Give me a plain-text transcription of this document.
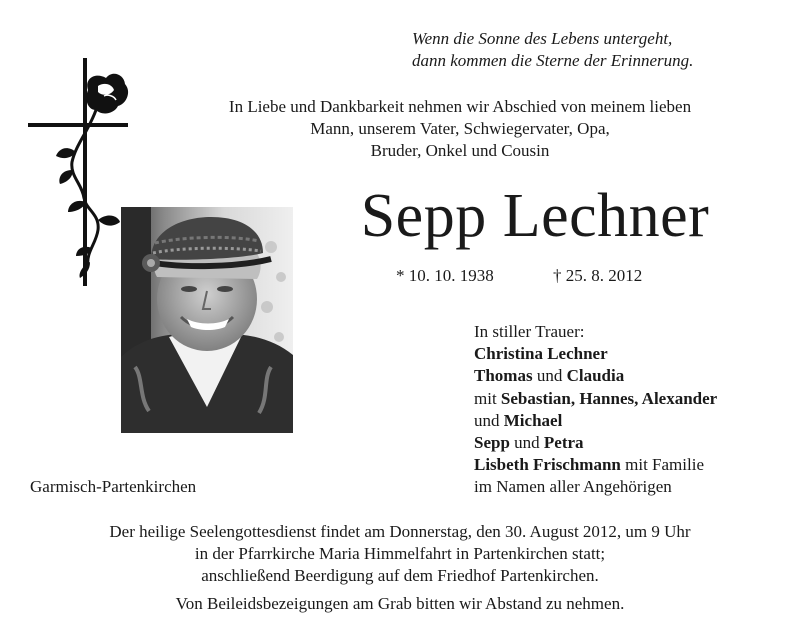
Wenn die Sonne des Lebens untergeht,
dann kommen die Sterne der Erinnerung.
In Liebe und Dankbarkeit nehmen wir Abschied von meinem lieben
Mann, unserem Vater, Schwiegervater, Opa,
Bruder, Onkel und Cousin
Sepp Lechner
* 10. 10. 1938	† 25. 8. 2012
In stiller Trauer:
Christina Lechner
Thomas und Claudia
mit Sebastian, Hannes, Alexander
und Michael
Sepp und Petra
Lisbeth Frischmann mit Familie
im Namen aller Angehörigen
Garmisch-Partenkirchen
Der heilige Seelengottesdienst findet am Donnerstag, den 30. August 2012, um 9 Uhr
in der Pfarrkirche Maria Himmelfahrt in Partenkirchen statt;
anschließend Beerdigung auf dem Friedhof Partenkirchen.
Von Beileidsbezeigungen am Grab bitten wir Abstand zu nehmen.
